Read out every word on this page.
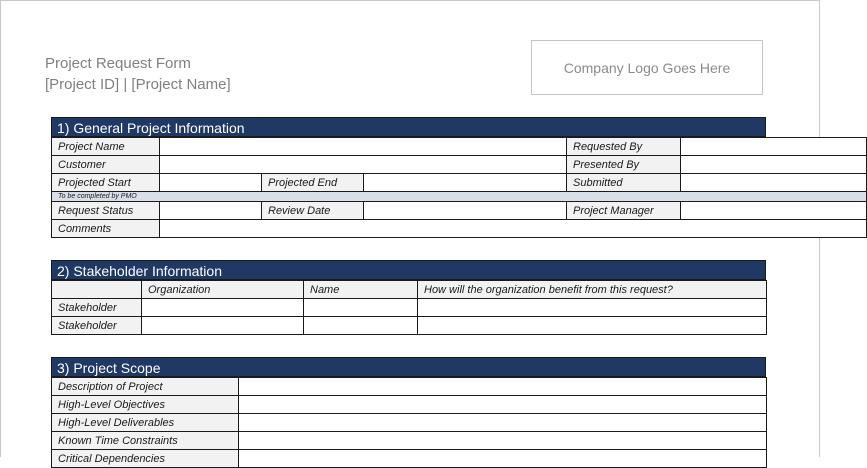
Project Request Form
[Project ID] | [Project Name]
Company Logo Goes Here
1) General Project Information
Project Name				Requested By	
Customer				Presented By	
Projected Start		Projected End		Submitted	
To be completed by PMO					
Request Status		Review Date		Project Manager	
Comments					
2) Stakeholder Information
	Organization	Name	How will the organization benefit from this request?
Stakeholder			
Stakeholder			
3) Project Scope
Description of Project	
High-Level Objectives	
High-Level Deliverables	
Known Time Constraints	
Critical Dependencies	
